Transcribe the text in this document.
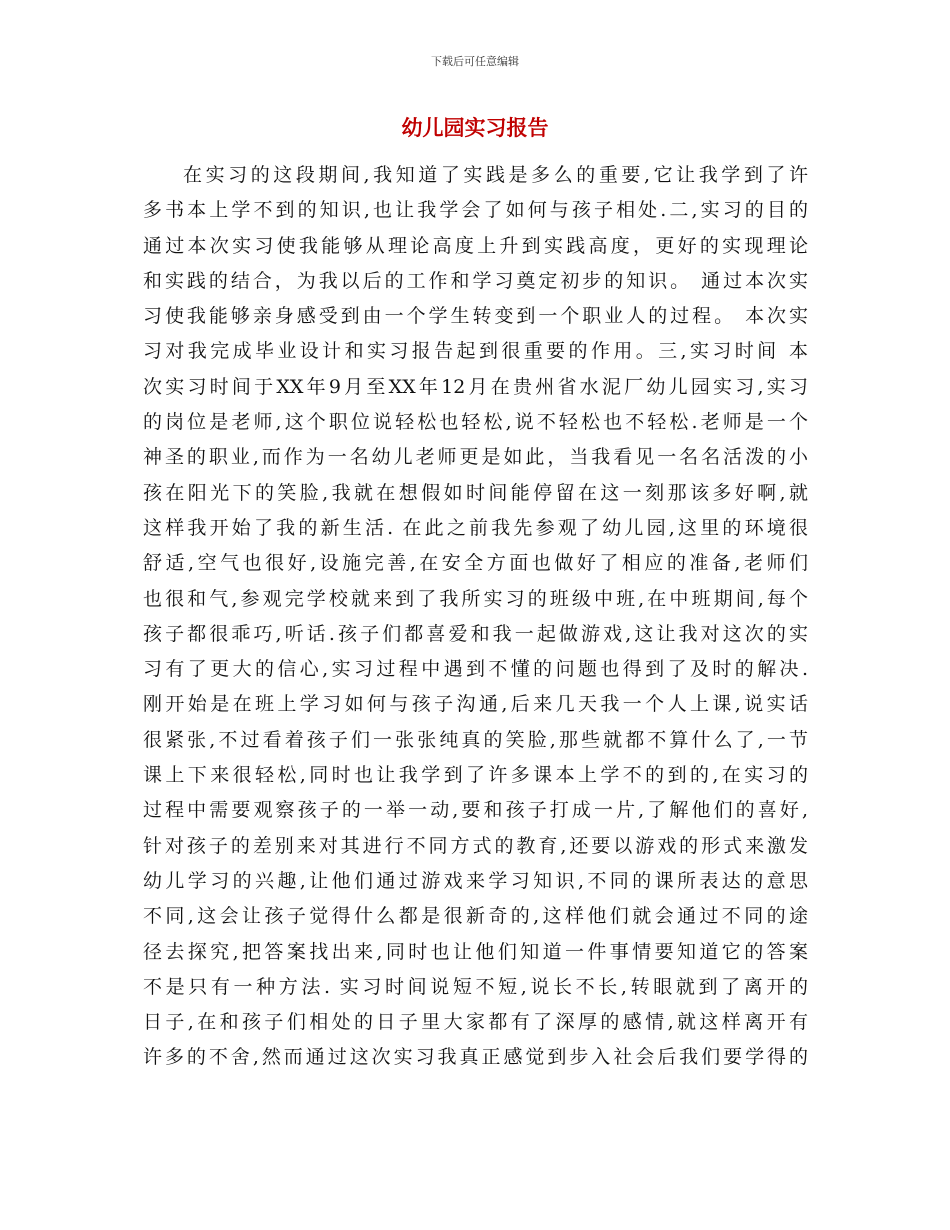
下载后可任意编辑
幼儿园实习报告
在实习的这段期间,我知道了实践是多么的重要,它让我学到了许
多书本上学不到的知识,也让我学会了如何与孩子相处.二,实习的目的
通过本次实习使我能够从理论高度上升到实践高度，更好的实现理论
和实践的结合，为我以后的工作和学习奠定初步的知识。 通过本次实
习使我能够亲身感受到由一个学生转变到一个职业人的过程。 本次实
习对我完成毕业设计和实习报告起到很重要的作用。三,实习时间 本
次实习时间于XX年9月至XX年12月在贵州省水泥厂幼儿园实习,实习
的岗位是老师,这个职位说轻松也轻松,说不轻松也不轻松.老师是一个
神圣的职业,而作为一名幼儿老师更是如此，当我看见一名名活泼的小
孩在阳光下的笑脸,我就在想假如时间能停留在这一刻那该多好啊,就
这样我开始了我的新生活. 在此之前我先参观了幼儿园,这里的环境很
舒适,空气也很好,设施完善,在安全方面也做好了相应的准备,老师们
也很和气,参观完学校就来到了我所实习的班级中班,在中班期间,每个
孩子都很乖巧,听话.孩子们都喜爱和我一起做游戏,这让我对这次的实
习有了更大的信心,实习过程中遇到不懂的问题也得到了及时的解决.
刚开始是在班上学习如何与孩子沟通,后来几天我一个人上课,说实话
很紧张,不过看着孩子们一张张纯真的笑脸,那些就都不算什么了,一节
课上下来很轻松,同时也让我学到了许多课本上学不的到的,在实习的
过程中需要观察孩子的一举一动,要和孩子打成一片,了解他们的喜好,
针对孩子的差别来对其进行不同方式的教育,还要以游戏的形式来激发
幼儿学习的兴趣,让他们通过游戏来学习知识,不同的课所表达的意思
不同,这会让孩子觉得什么都是很新奇的,这样他们就会通过不同的途
径去探究,把答案找出来,同时也让他们知道一件事情要知道它的答案
不是只有一种方法. 实习时间说短不短,说长不长,转眼就到了离开的
日子,在和孩子们相处的日子里大家都有了深厚的感情,就这样离开有
许多的不舍,然而通过这次实习我真正感觉到步入社会后我们要学得的
